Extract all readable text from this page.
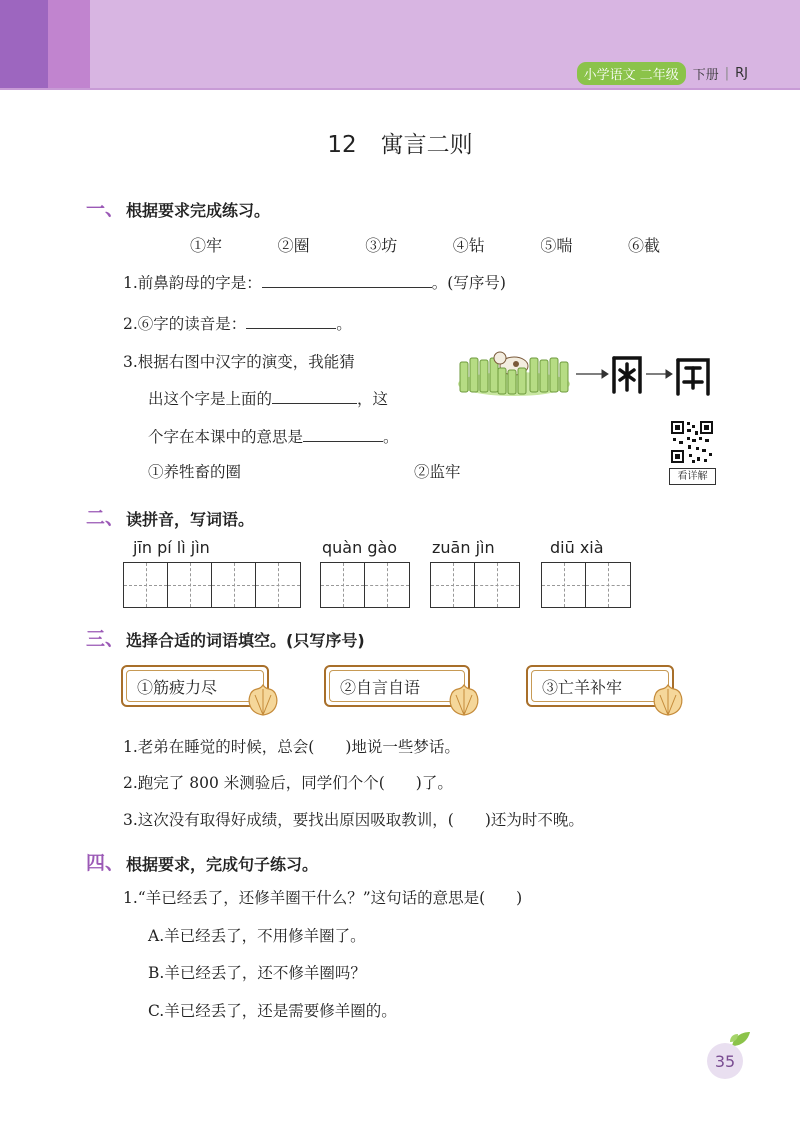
小学语文 二年级	下册 | RJ
12 寓言二则
一、 根据要求完成练习。
①牢	②圈	③坊	④钻	⑤喘	⑥截
1.前鼻韵母的字是：	。(写序号)
2.⑥字的读音是：	。
3.根据右图中汉字的演变，我能猜
出这个字是上面的	，这
个字在本课中的意思是	。
①养牲畜的圈	②监牢	看详解
二、 读拼音，写词语。
jīn pí lì jìn	quàn gào zuān jìn	diū xià
三、 选择合适的词语填空。(只写序号)
①筋疲力尽	②自言自语	③亡羊补牢
1.老弟在睡觉的时候，总会(　　)地说一些梦话。
2.跑完了 800 米测验后，同学们个个(　　)了。
3.这次没有取得好成绩，要找出原因吸取教训，(　　)还为时不晚。
四、 根据要求，完成句子练习。
1.“羊已经丢了，还修羊圈干什么？”这句话的意思是(　　)
A.羊已经丢了，不用修羊圈了。
B.羊已经丢了，还不修羊圈吗？
C.羊已经丢了，还是需要修羊圈的。
35
